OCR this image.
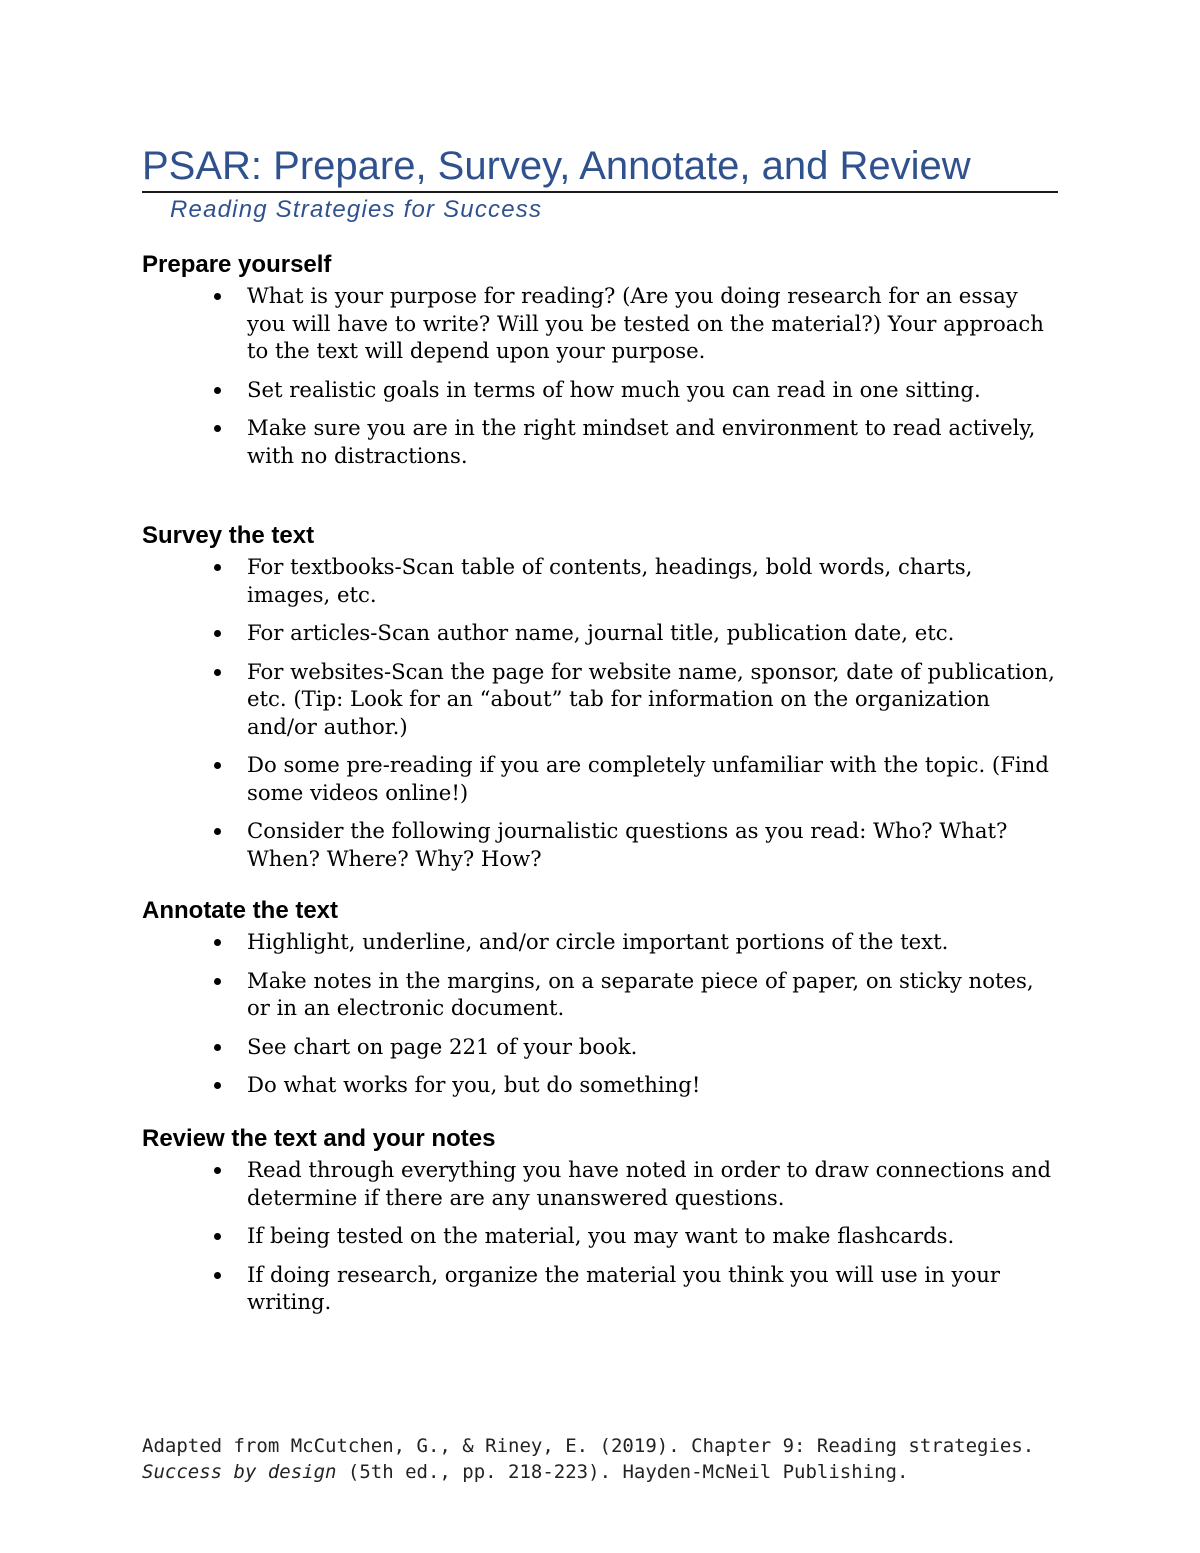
PSAR: Prepare, Survey, Annotate, and Review
Reading Strategies for Success
Prepare yourself
What is your purpose for reading? (Are you doing research for an essay you will have to write? Will you be tested on the material?) Your approach to the text will depend upon your purpose.
Set realistic goals in terms of how much you can read in one sitting.
Make sure you are in the right mindset and environment to read actively, with no distractions.
Survey the text
For textbooks-Scan table of contents, headings, bold words, charts, images, etc.
For articles-Scan author name, journal title, publication date, etc.
For websites-Scan the page for website name, sponsor, date of publication, etc. (Tip: Look for an “about” tab for information on the organization and/or author.)
Do some pre-reading if you are completely unfamiliar with the topic. (Find some videos online!)
Consider the following journalistic questions as you read: Who? What? When? Where? Why? How?
Annotate the text
Highlight, underline, and/or circle important portions of the text.
Make notes in the margins, on a separate piece of paper, on sticky notes, or in an electronic document.
See chart on page 221 of your book.
Do what works for you, but do something!
Review the text and your notes
Read through everything you have noted in order to draw connections and determine if there are any unanswered questions.
If being tested on the material, you may want to make flashcards.
If doing research, organize the material you think you will use in your writing.
Adapted from McCutchen, G., & Riney, E. (2019). Chapter 9: Reading strategies.
Success by design (5th ed., pp. 218-223). Hayden-McNeil Publishing.
